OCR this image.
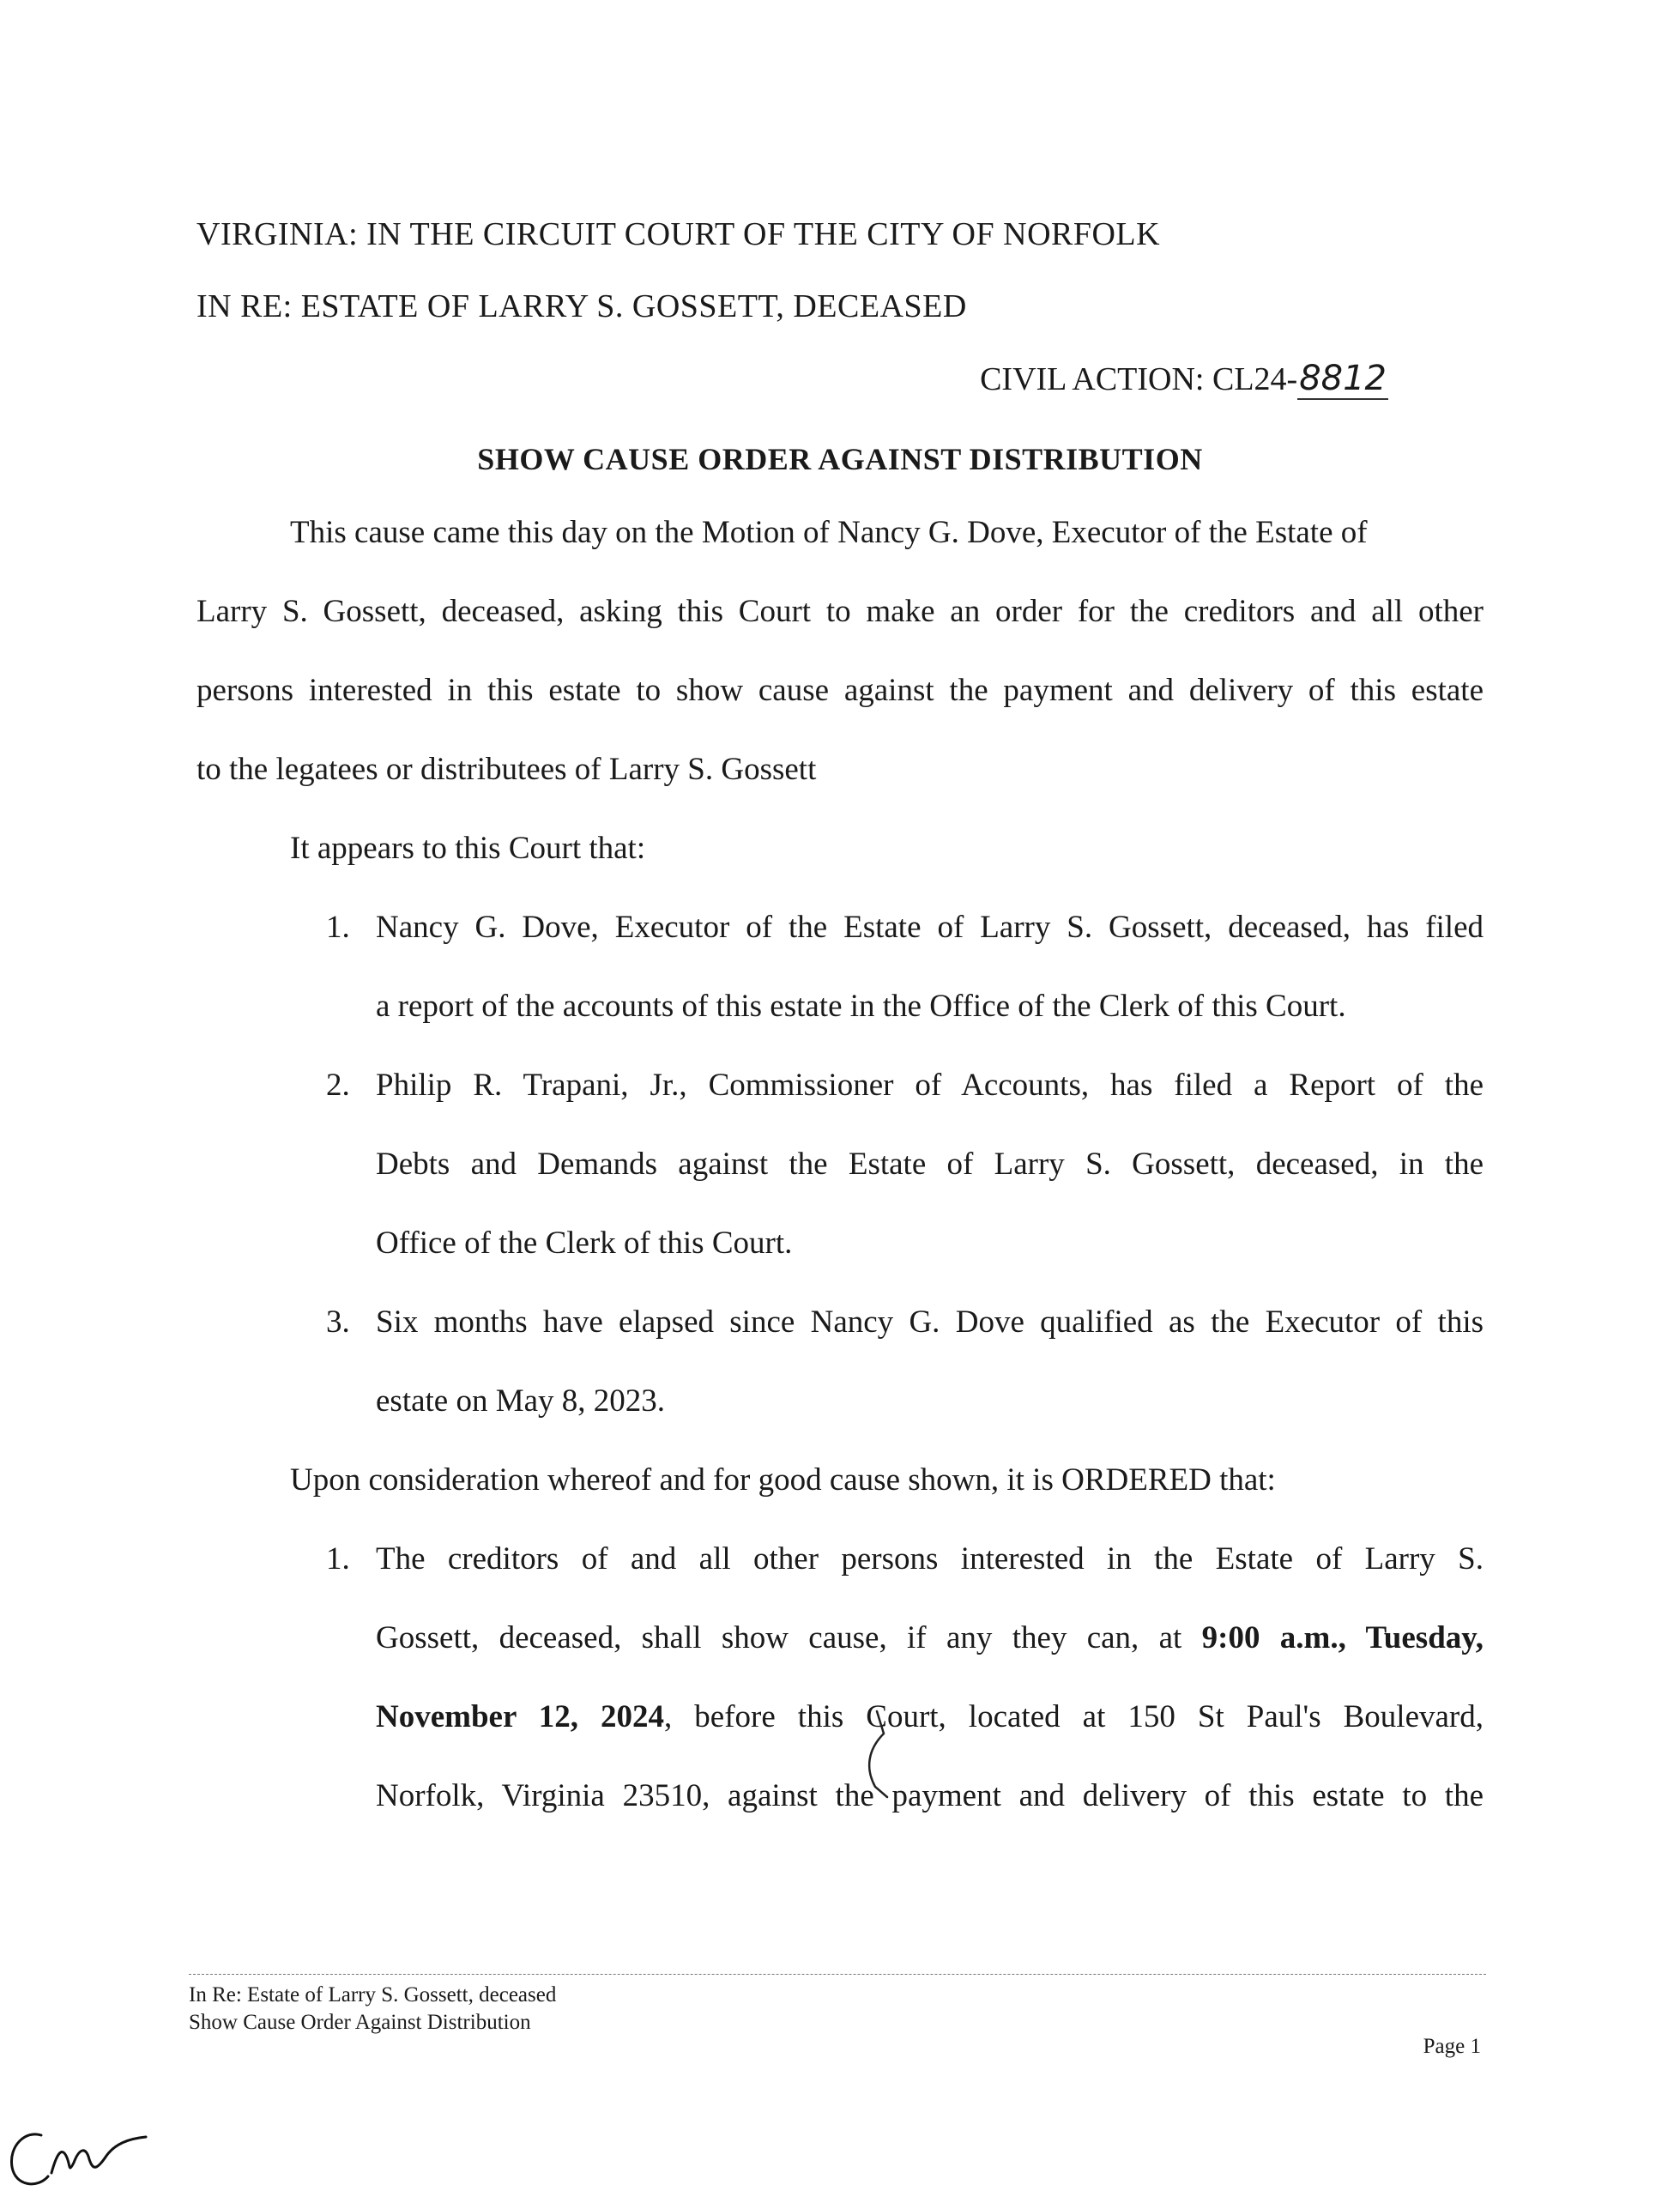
VIRGINIA: IN THE CIRCUIT COURT OF THE CITY OF NORFOLK
IN RE: ESTATE OF LARRY S. GOSSETT, DECEASED
CIVIL ACTION: CL24-8812
SHOW CAUSE ORDER AGAINST DISTRIBUTION
This cause came this day on the Motion of Nancy G. Dove, Executor of the Estate of
Larry S. Gossett, deceased, asking this Court to make an order for the creditors and all other
persons interested in this estate to show cause against the payment and delivery of this estate
to the legatees or distributees of Larry S. Gossett
It appears to this Court that:
1. Nancy G. Dove, Executor of the Estate of Larry S. Gossett, deceased, has filed
a report of the accounts of this estate in the Office of the Clerk of this Court.
2. Philip R. Trapani, Jr., Commissioner of Accounts, has filed a Report of the
Debts and Demands against the Estate of Larry S. Gossett, deceased, in the
Office of the Clerk of this Court.
3. Six months have elapsed since Nancy G. Dove qualified as the Executor of this
estate on May 8, 2023.
Upon consideration whereof and for good cause shown, it is ORDERED that:
1. The creditors of and all other persons interested in the Estate of Larry S.
Gossett, deceased, shall show cause, if any they can, at 9:00 a.m., Tuesday,
November 12, 2024, before this Court, located at 150 St Paul's Boulevard,
Norfolk, Virginia 23510, against the payment and delivery of this estate to the
In Re: Estate of Larry S. Gossett, deceased
Show Cause Order Against Distribution
Page 1
